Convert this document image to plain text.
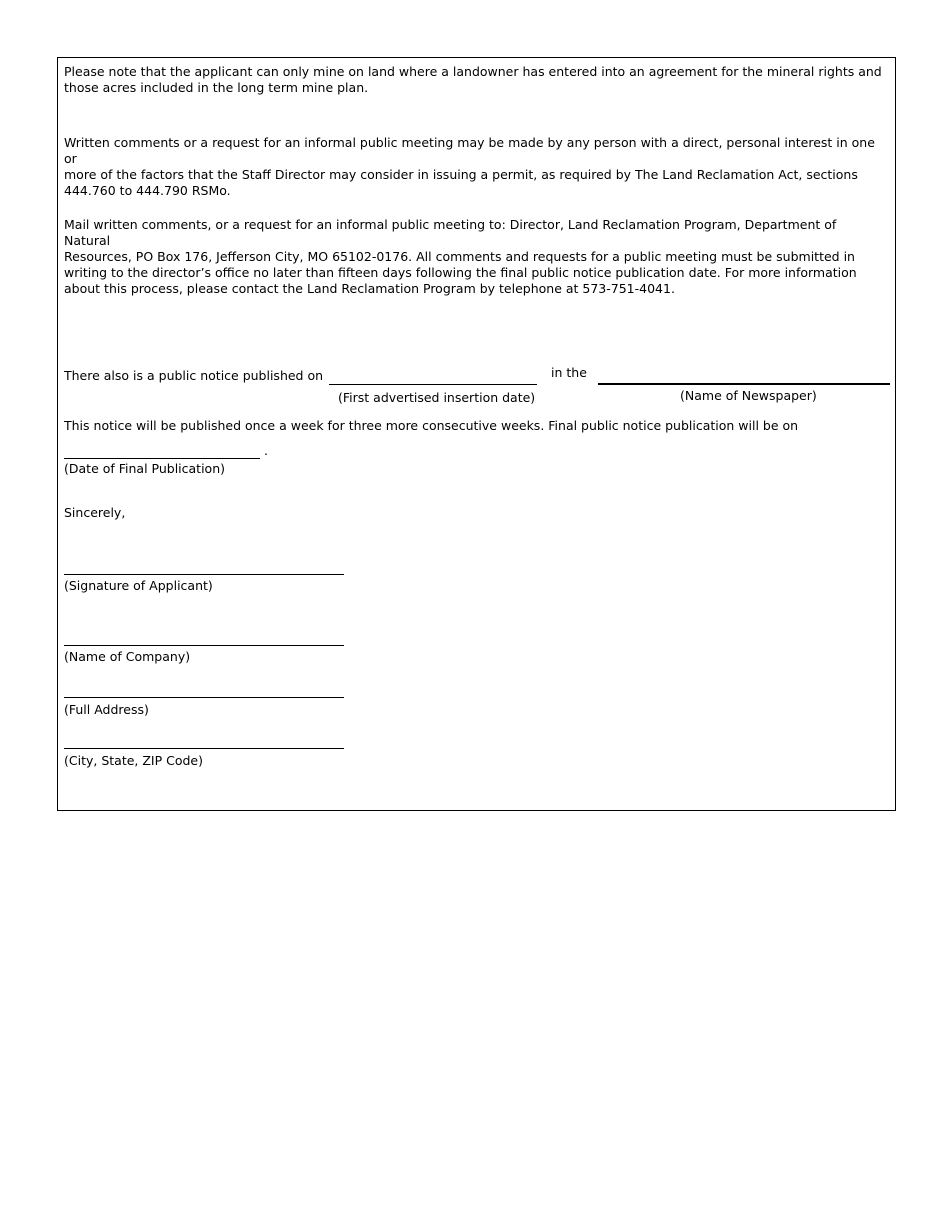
Please note that the applicant can only mine on land where a landowner has entered into an agreement for the mineral rights and
those acres included in the long term mine plan.
Written comments or a request for an informal public meeting may be made by any person with a direct, personal interest in one or
more of the factors that the Staff Director may consider in issuing a permit, as required by The Land Reclamation Act, sections
444.760 to 444.790 RSMo.
Mail written comments, or a request for an informal public meeting to: Director, Land Reclamation Program, Department of Natural
Resources, PO Box 176, Jefferson City, MO 65102-0176. All comments and requests for a public meeting must be submitted in
writing to the director’s office no later than fifteen days following the final public notice publication date. For more information
about this process, please contact the Land Reclamation Program by telephone at 573-751-4041.
There also is a public notice published on
(First advertised insertion date)
in the
(Name of Newspaper)
This notice will be published once a week for three more consecutive weeks. Final public notice publication will be on
.
(Date of Final Publication)
Sincerely,
(Signature of Applicant)
(Name of Company)
(Full Address)
(City, State, ZIP Code)
